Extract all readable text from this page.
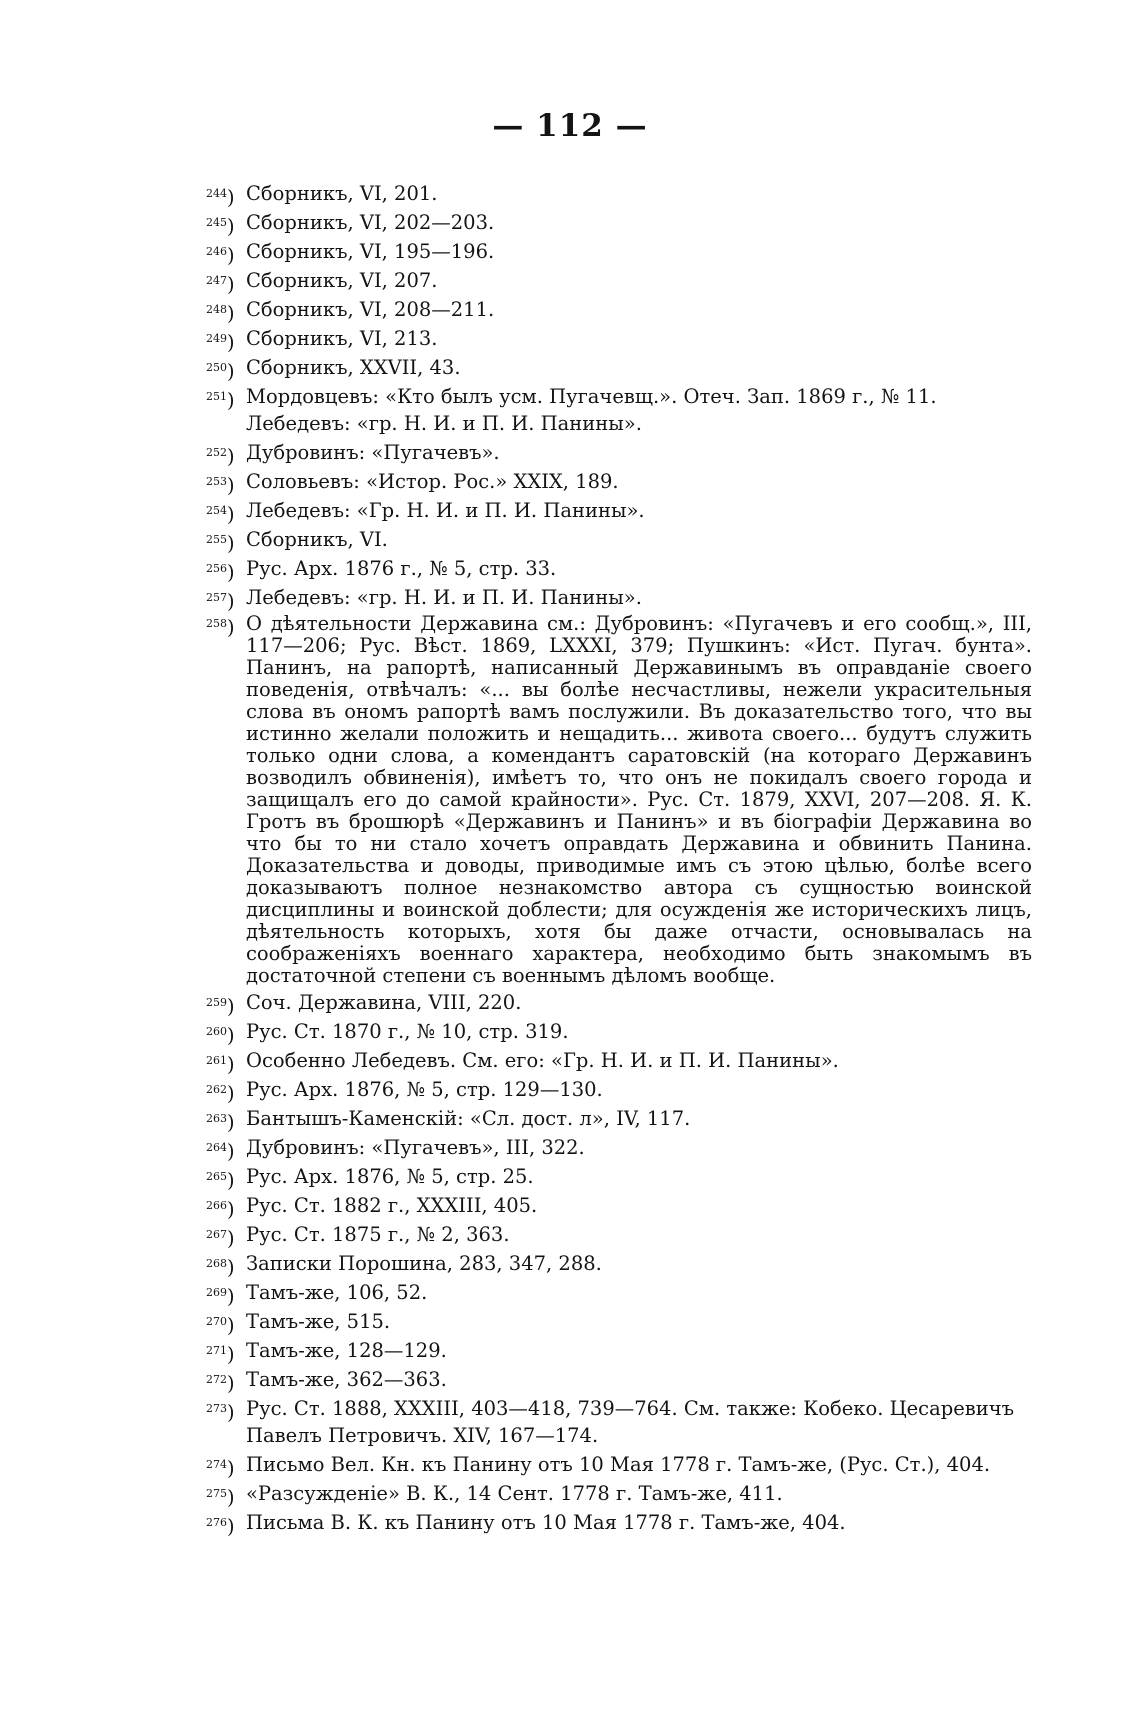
— 112 —
$^{244}$) Сборникъ, VI, 201.
$^{245}$) Сборникъ, VI, 202—203.
$^{246}$) Сборникъ, VI, 195—196.
$^{247}$) Сборникъ, VI, 207.
$^{248}$) Сборникъ, VI, 208—211.
$^{249}$) Сборникъ, VI, 213.
$^{250}$) Сборникъ, XXVII, 43.
$^{251}$) Мордовцевъ: «Кто былъ усм. Пугачевщ.». Отеч. Зап. 1869 г., № 11. Лебедевъ: «гр. Н. И. и П. И. Панины».
$^{252}$) Дубровинъ: «Пугачевъ».
$^{253}$) Соловьевъ: «Истор. Рос.» XXIX, 189.
$^{254}$) Лебедевъ: «Гр. Н. И. и П. И. Панины».
$^{255}$) Сборникъ, VI.
$^{256}$) Рус. Арх. 1876 г., № 5, стр. 33.
$^{257}$) Лебедевъ: «гр. Н. И. и П. И. Панины».
$^{258}$) О дѣятельности Державина см.: Дубровинъ: «Пугачевъ и его сообщ.», III, 117—206; Рус. Вѣст. 1869, LXXXI, 379; Пушкинъ: «Ист. Пугач. бунта». Панинъ, на рапортѣ, написанный Державинымъ въ оправданіе своего поведенія, отвѣчалъ: «... вы болѣе несчастливы, нежели украсительныя слова въ ономъ рапортѣ вамъ послужили. Въ доказательство того, что вы истинно желали положить и нещадить... живота своего... будутъ служить только одни слова, а комендантъ саратовскій (на котораго Державинъ возводилъ обвиненія), имѣетъ то, что онъ не покидалъ своего города и защищалъ его до самой крайности». Рус. Ст. 1879, XXVI, 207—208. Я. К. Гротъ въ брошюрѣ «Державинъ и Панинъ» и въ біографіи Державина во что бы то ни стало хочетъ оправдать Державина и обвинить Панина. Доказательства и доводы, приводимые имъ съ этою цѣлью, болѣе всего доказываютъ полное незнакомство автора съ сущностью воинской дисциплины и воинской доблести; для осужденія же историческихъ лицъ, дѣятельность которыхъ, хотя бы даже отчасти, основывалась на соображеніяхъ военнаго характера, необходимо быть знакомымъ въ достаточной степени съ военнымъ дѣломъ вообще.
$^{259}$) Соч. Державина, VIII, 220.
$^{260}$) Рус. Ст. 1870 г., № 10, стр. 319.
$^{261}$) Особенно Лебедевъ. См. его: «Гр. Н. И. и П. И. Панины».
$^{262}$) Рус. Арх. 1876, № 5, стр. 129—130.
$^{263}$) Бантышъ-Каменскій: «Сл. дост. л», IV, 117.
$^{264}$) Дубровинъ: «Пугачевъ», III, 322.
$^{265}$) Рус. Арх. 1876, № 5, стр. 25.
$^{266}$) Рус. Ст. 1882 г., XXXIII, 405.
$^{267}$) Рус. Ст. 1875 г., № 2, 363.
$^{268}$) Записки Порошина, 283, 347, 288.
$^{269}$) Тамъ-же, 106, 52.
$^{270}$) Тамъ-же, 515.
$^{271}$) Тамъ-же, 128—129.
$^{272}$) Тамъ-же, 362—363.
$^{273}$) Рус. Ст. 1888, XXXIII, 403—418, 739—764. См. также: Кобеко. Цесаревичъ Павелъ Петровичъ. XIV, 167—174.
$^{274}$) Письмо Вел. Кн. къ Панину отъ 10 Мая 1778 г. Тамъ-же, (Рус. Ст.), 404.
$^{275}$) «Разсужденіе» В. К., 14 Сент. 1778 г. Тамъ-же, 411.
$^{276}$) Письма В. К. къ Панину отъ 10 Мая 1778 г. Тамъ-же, 404.
